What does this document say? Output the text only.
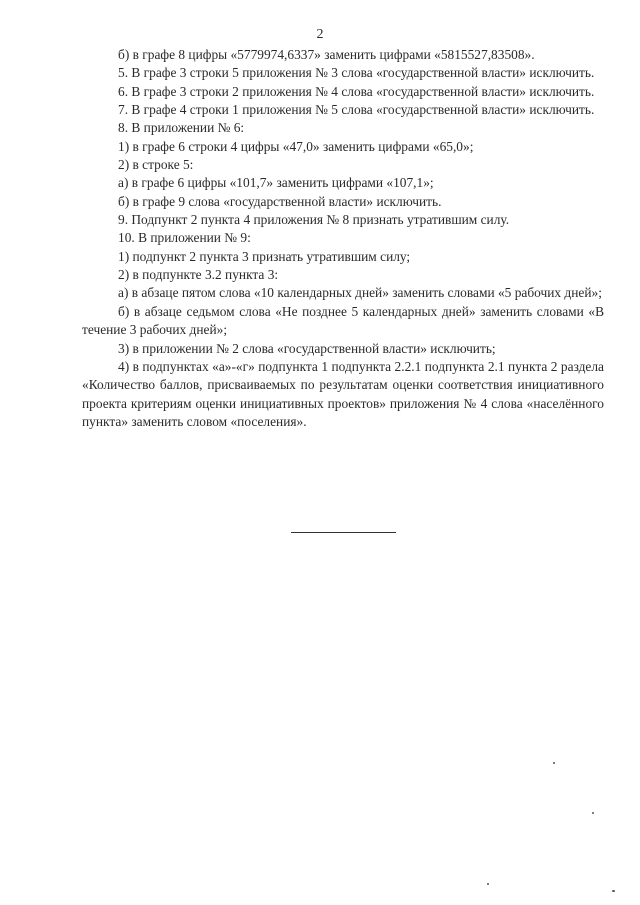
2

б) в графе 8 цифры «5779974,6337» заменить цифрами «5815527,83508».

5. В графе 3 строки 5 приложения № 3 слова «государственной власти» исключить.

6. В графе 3 строки 2 приложения № 4 слова «государственной власти» исключить.

7. В графе 4 строки 1 приложения № 5 слова «государственной власти» исключить.

8. В приложении № 6:

1) в графе 6 строки 4 цифры «47,0» заменить цифрами «65,0»;

2) в строке 5:

а) в графе 6 цифры «101,7» заменить цифрами «107,1»;

б) в графе 9 слова «государственной власти» исключить.

9. Подпункт 2 пункта 4 приложения № 8 признать утратившим силу.

10. В приложении № 9:

1) подпункт 2 пункта 3 признать утратившим силу;

2) в подпункте 3.2 пункта 3:

а) в абзаце пятом слова «10 календарных дней» заменить словами «5 рабочих дней»;

б) в абзаце седьмом слова «Не позднее 5 календарных дней» заменить словами «В течение 3 рабочих дней»;

3) в приложении № 2 слова «государственной власти» исключить;

4) в подпунктах «а»-«г» подпункта 1 подпункта 2.2.1 подпункта 2.1 пункта 2 раздела «Количество баллов, присваиваемых по результатам оценки соответствия инициативного проекта критериям оценки инициативных проектов» приложения № 4 слова «населённого пункта» заменить словом «поселения».
